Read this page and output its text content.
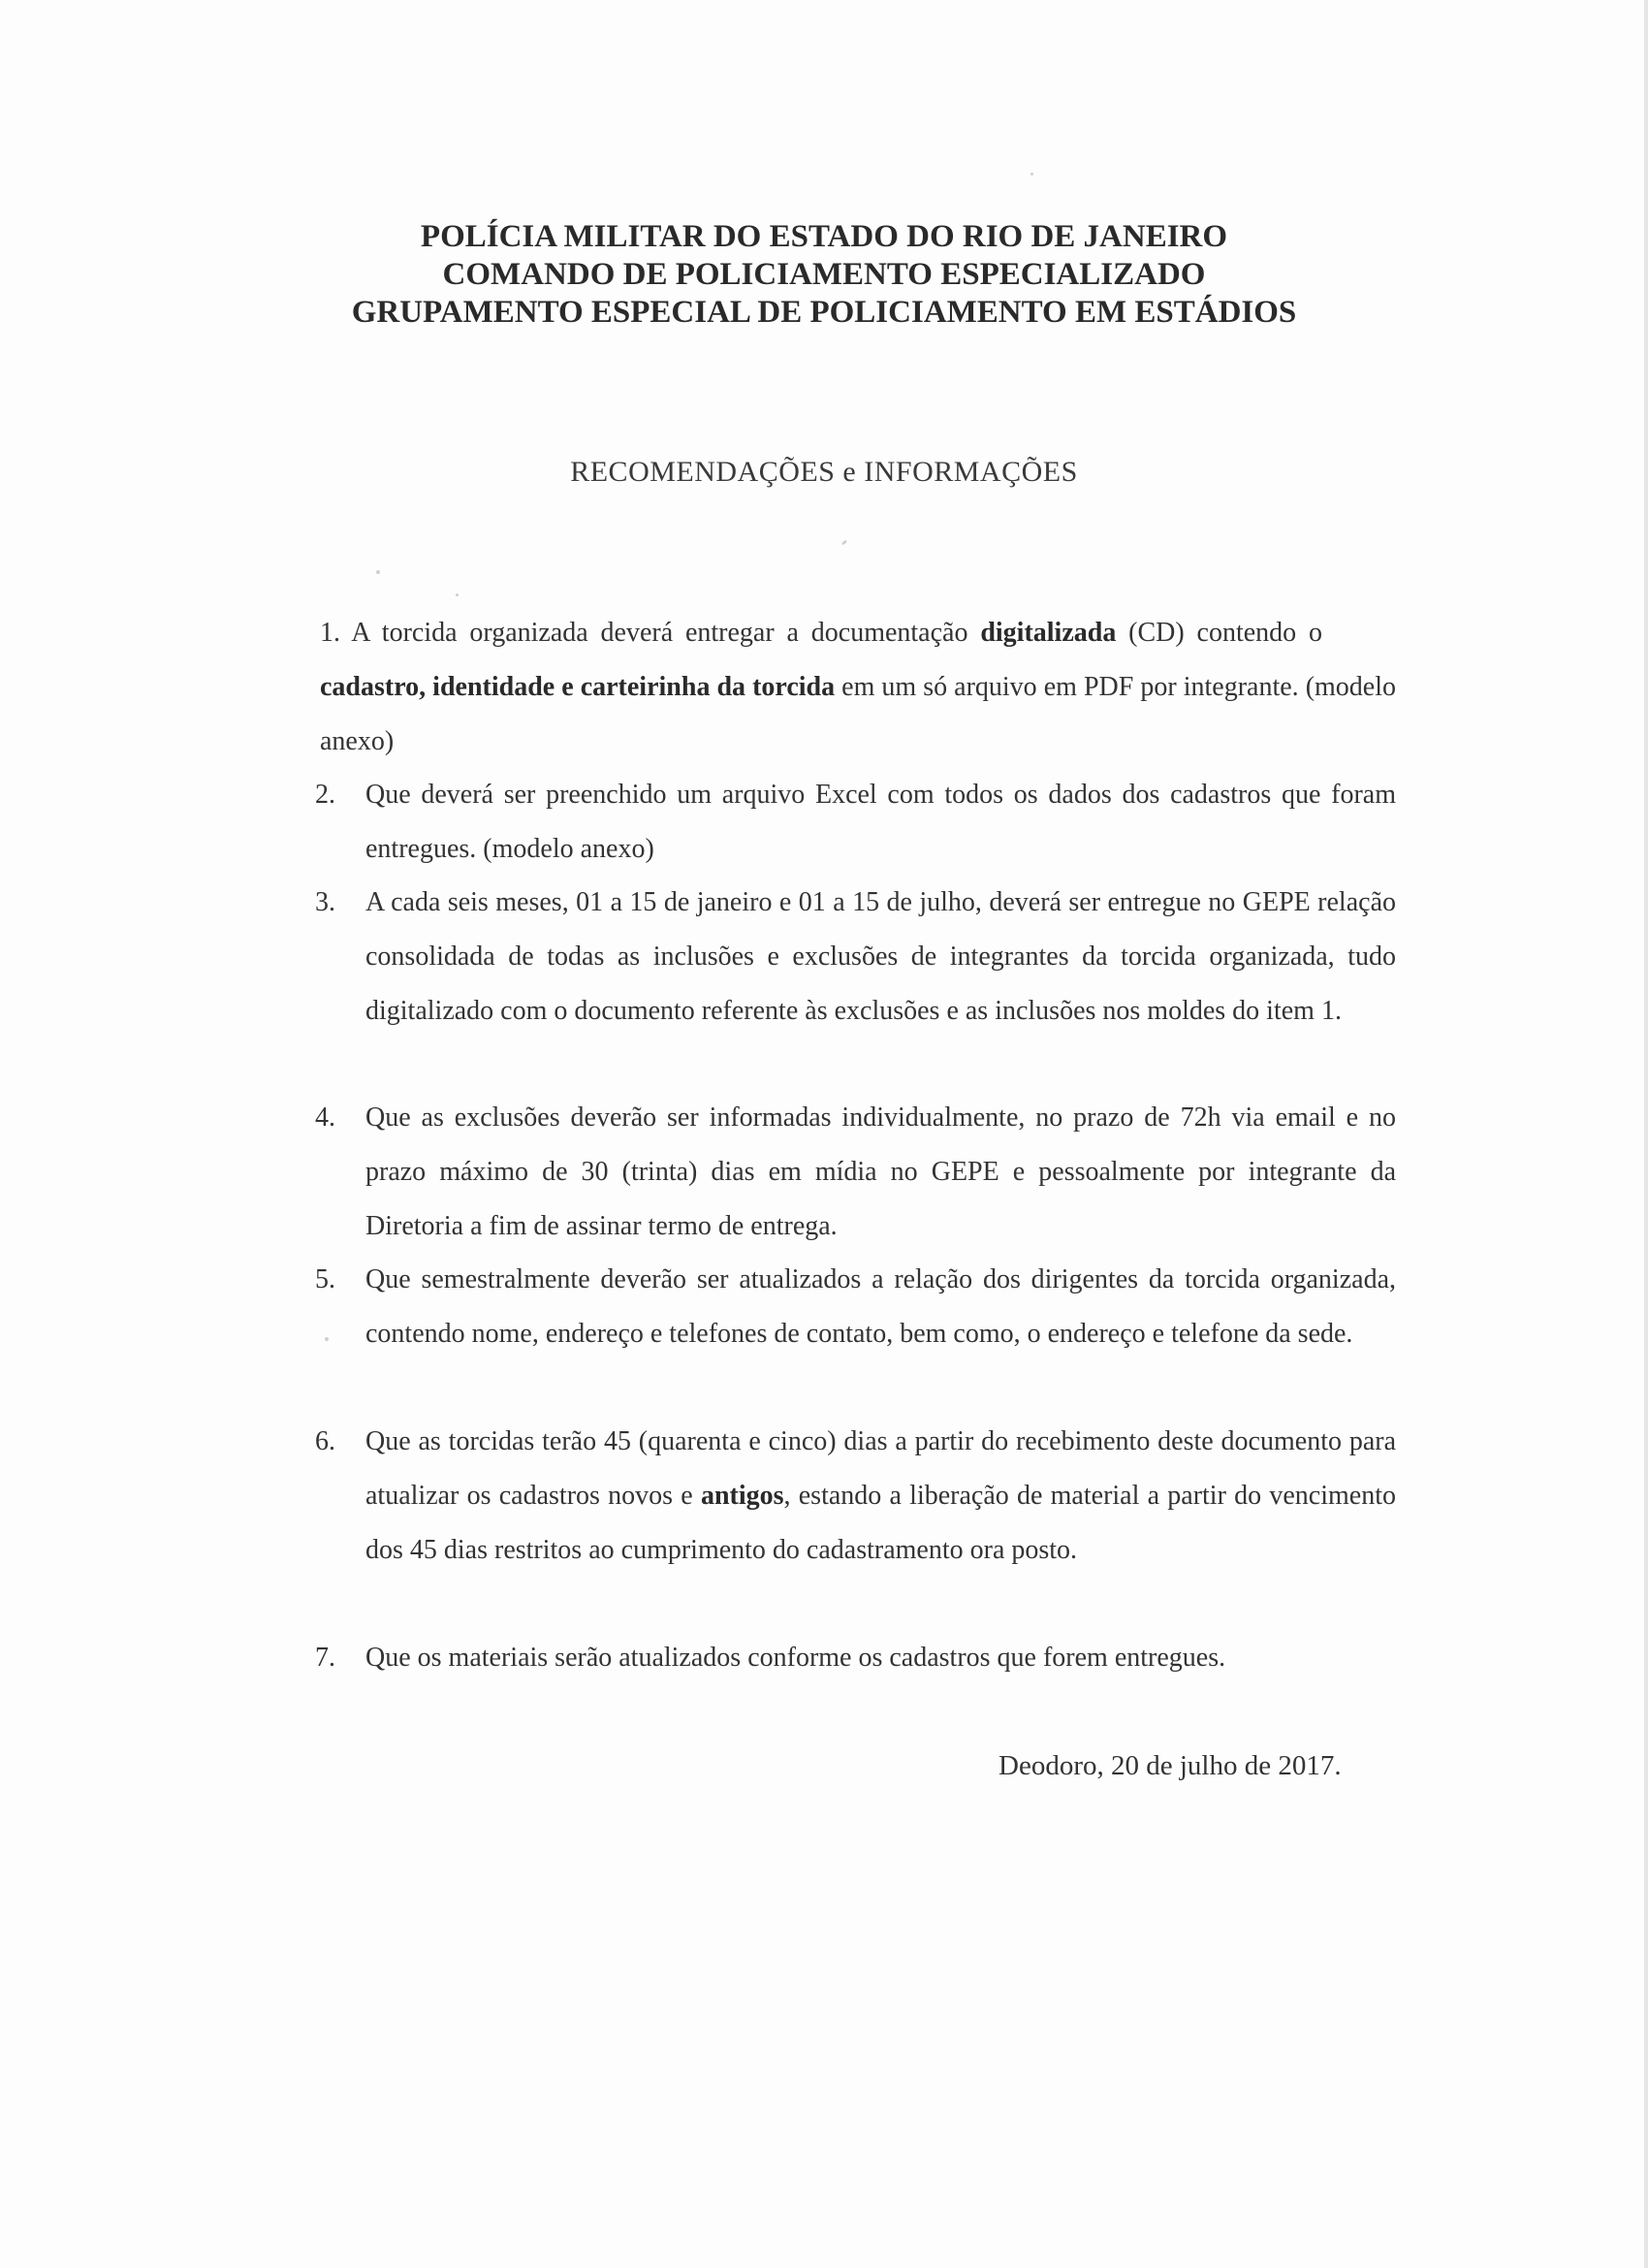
POLÍCIA MILITAR DO ESTADO DO RIO DE JANEIRO
COMANDO DE POLICIAMENTO ESPECIALIZADO
GRUPAMENTO ESPECIAL DE POLICIAMENTO EM ESTÁDIOS
RECOMENDAÇÕES e INFORMAÇÕES
1. A torcida organizada deverá entregar a documentação digitalizada (CD) contendo o cadastro, identidade e carteirinha da torcida em um só arquivo em PDF por integrante. (modelo anexo)
2.	Que deverá ser preenchido um arquivo Excel com todos os dados dos cadastros que foram entregues. (modelo anexo)
3.	A cada seis meses, 01 a 15 de janeiro e 01 a 15 de julho, deverá ser entregue no GEPE relação consolidada de todas as inclusões e exclusões de integrantes da torcida organizada, tudo digitalizado com o documento referente às exclusões e as inclusões nos moldes do item 1.
4.	Que as exclusões deverão ser informadas individualmente, no prazo de 72h via email e no prazo máximo de 30 (trinta) dias em mídia no GEPE e pessoalmente por integrante da Diretoria a fim de assinar termo de entrega.
5.	Que semestralmente deverão ser atualizados a relação dos dirigentes da torcida organizada, contendo nome, endereço e telefones de contato, bem como, o endereço e telefone da sede.
6.	Que as torcidas terão 45 (quarenta e cinco) dias a partir do recebimento deste documento para atualizar os cadastros novos e antigos, estando a liberação de material a partir do vencimento dos 45 dias restritos ao cumprimento do cadastramento ora posto.
7.	Que os materiais serão atualizados conforme os cadastros que forem entregues.
Deodoro, 20 de julho de 2017.
